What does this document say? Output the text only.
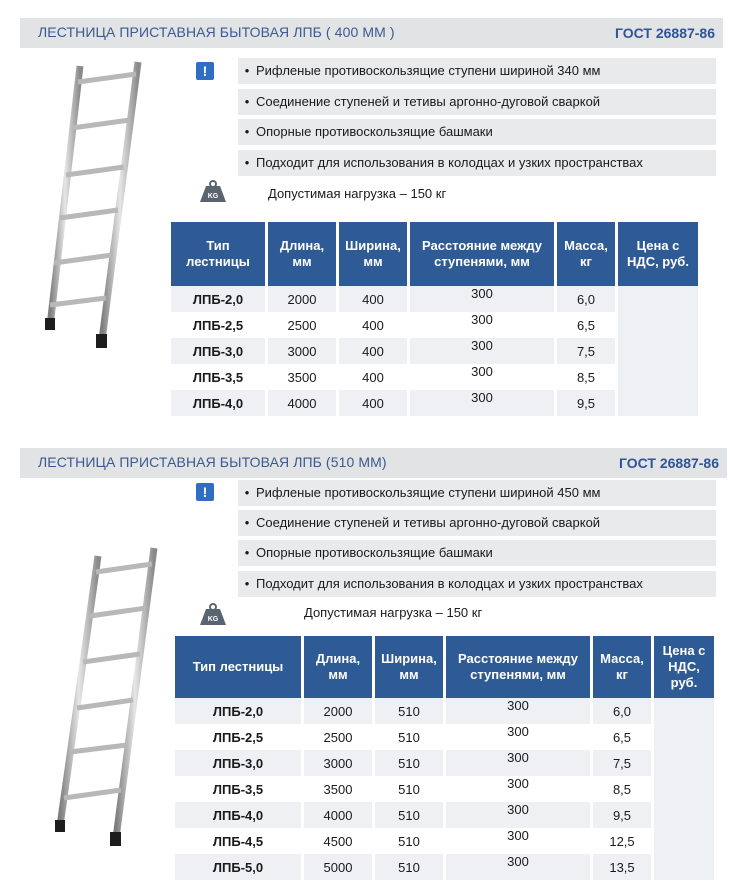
ЛЕСТНИЦА ПРИСТАВНАЯ БЫТОВАЯ ЛПБ ( 400 ММ )	ГОСТ 26887-86
!	• Рифленые противоскользящие ступени шириной 340 мм
• Соединение ступеней и тетивы аргонно-дуговой сваркой
• Опорные противоскользящие башмаки
• Подходит для использования в колодцах и узких пространствах
KG	Допустимая нагрузка – 150 кг
Тип лестницы	Длина, мм	Ширина, мм	Расстояние между ступенями, мм	Масса, кг	Цена с НДС, руб.
ЛПБ-2,0	2000	400	300	6,0	
ЛПБ-2,5	2500	400	300	6,5	
ЛПБ-3,0	3000	400	300	7,5	
ЛПБ-3,5	3500	400	300	8,5	
ЛПБ-4,0	4000	400	300	9,5	
ЛЕСТНИЦА ПРИСТАВНАЯ БЫТОВАЯ ЛПБ (510 ММ)	ГОСТ 26887-86
!	• Рифленые противоскользящие ступени шириной 450 мм
• Соединение ступеней и тетивы аргонно-дуговой сваркой
• Опорные противоскользящие башмаки
• Подходит для использования в колодцах и узких пространствах
KG	Допустимая нагрузка – 150 кг
Тип лестницы	Длина, мм	Ширина, мм	Расстояние между ступенями, мм	Масса, кг	Цена с НДС, руб.
ЛПБ-2,0	2000	510	300	6,0	
ЛПБ-2,5	2500	510	300	6,5	
ЛПБ-3,0	3000	510	300	7,5	
ЛПБ-3,5	3500	510	300	8,5	
ЛПБ-4,0	4000	510	300	9,5	
ЛПБ-4,5	4500	510	300	12,5	
ЛПБ-5,0	5000	510	300	13,5	
